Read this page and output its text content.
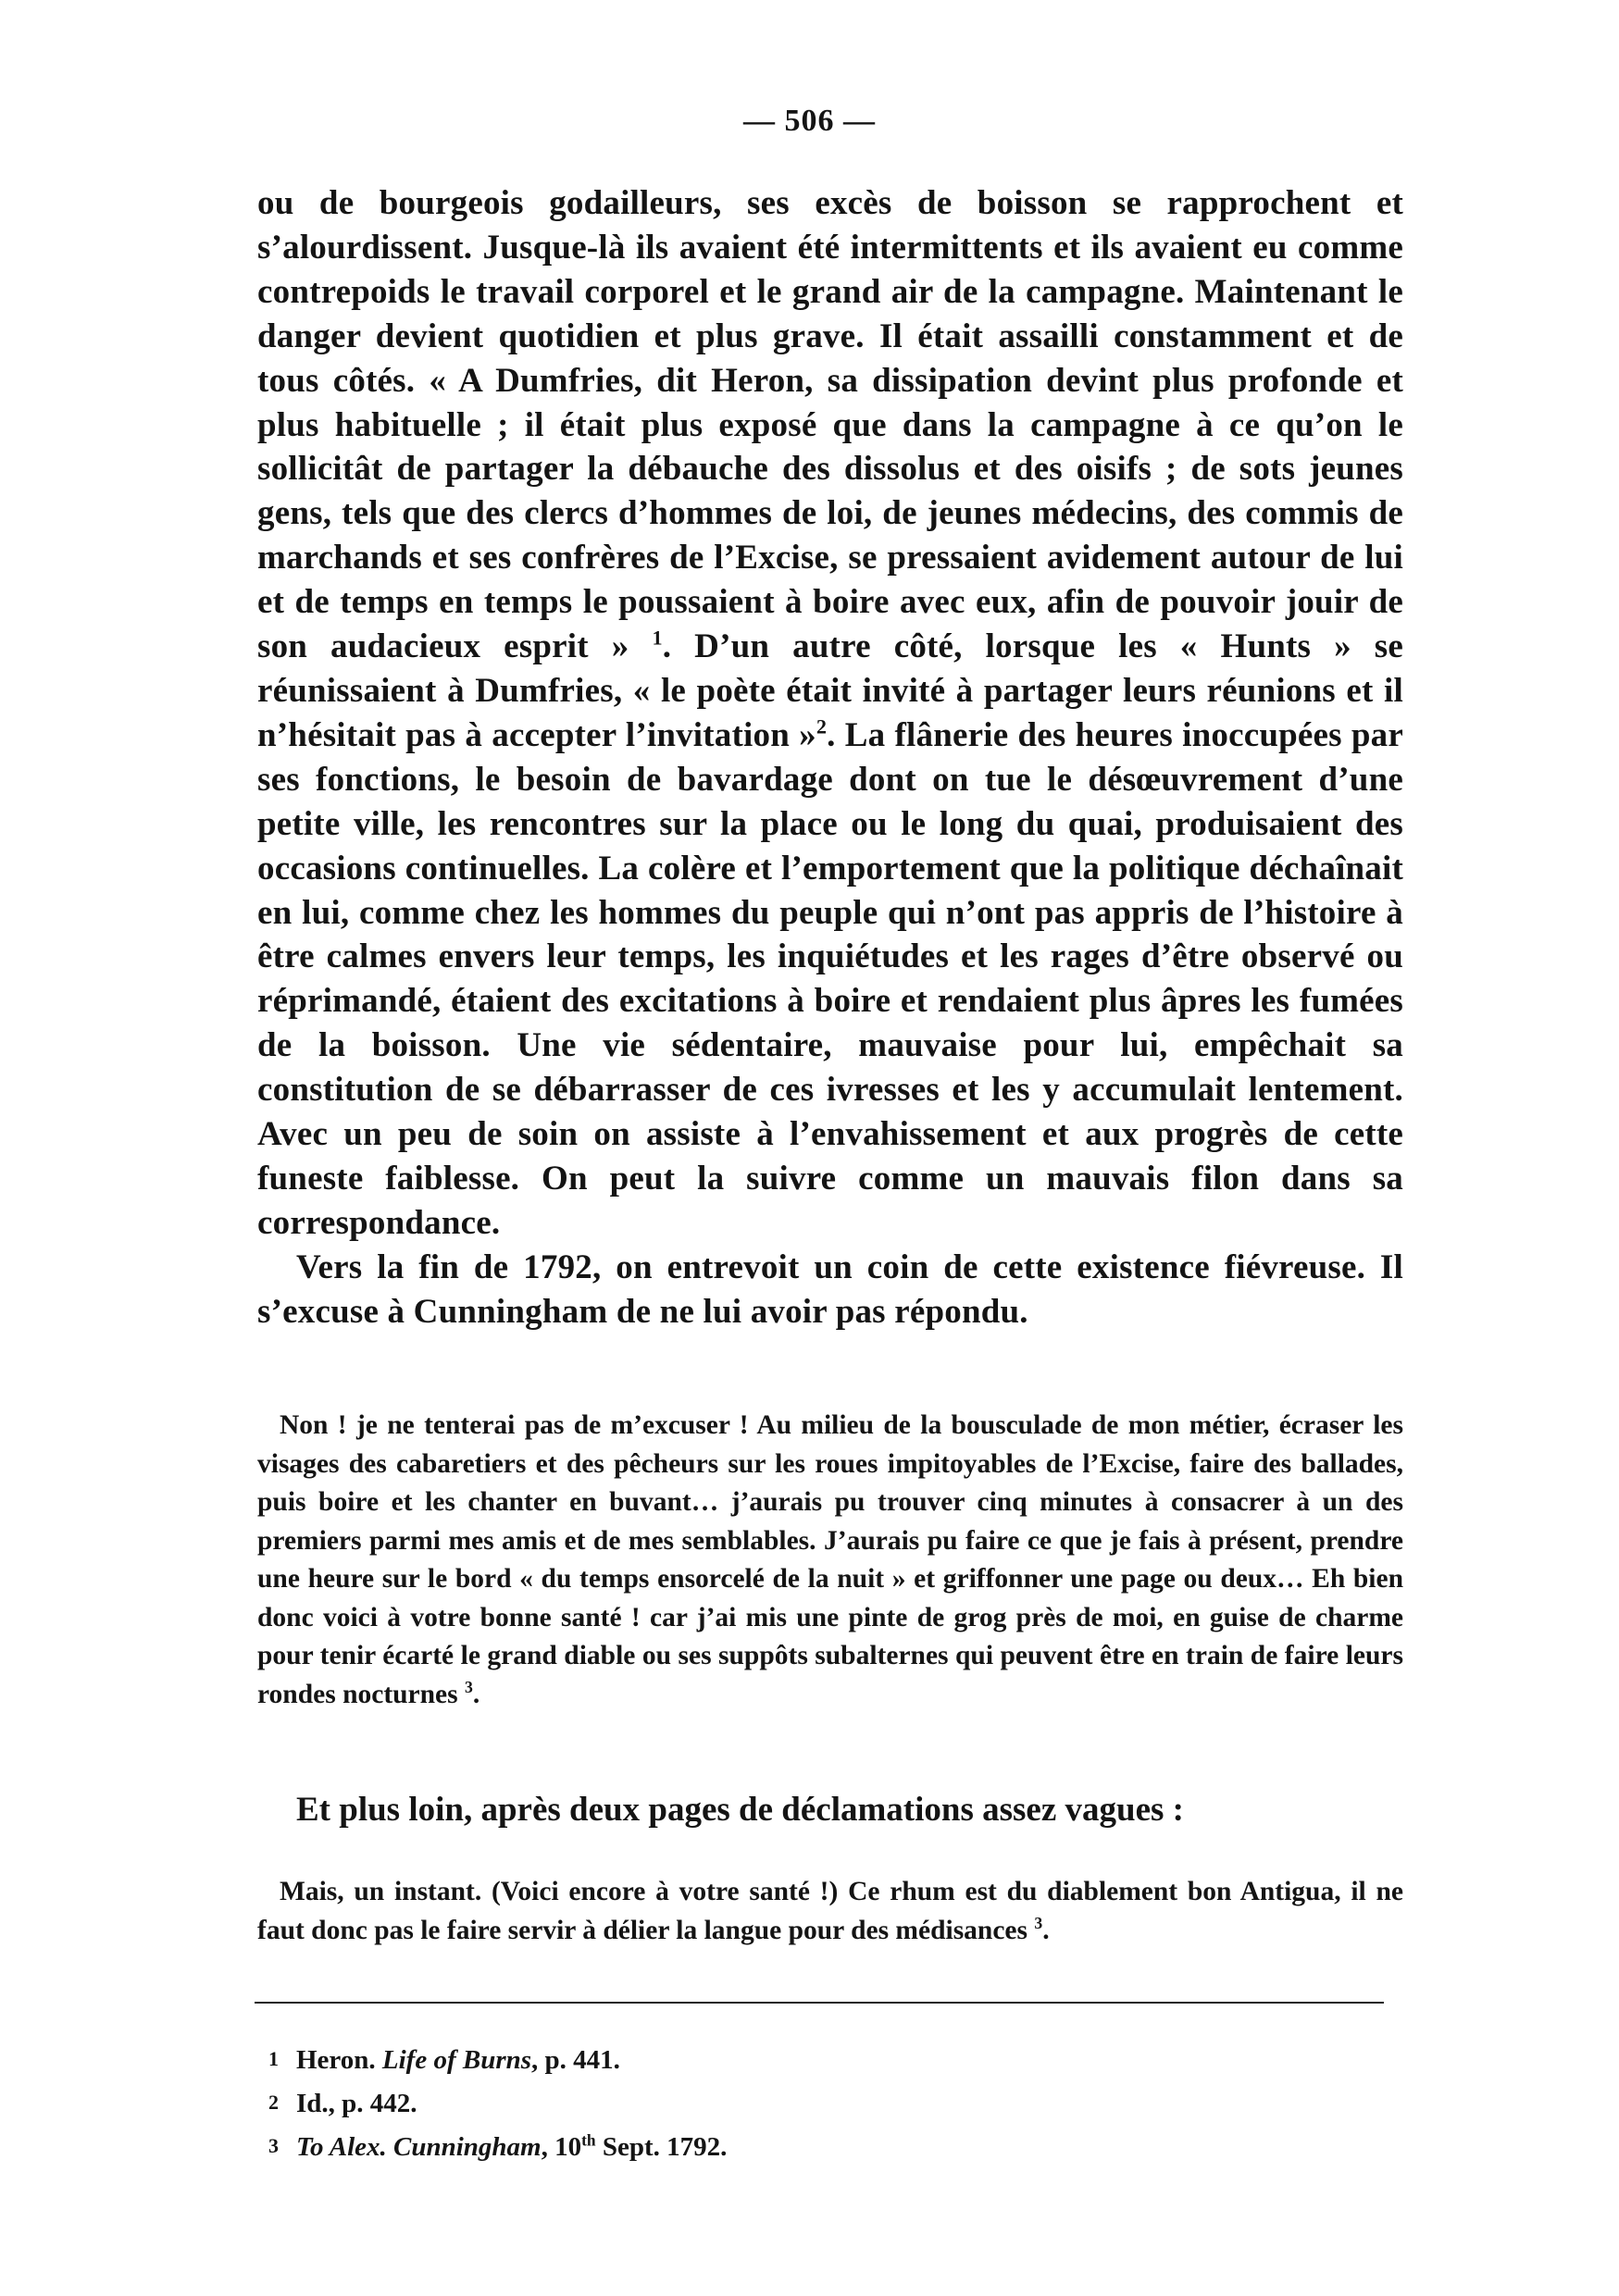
— 506 —

ou de bourgeois godailleurs, ses excès de boisson se rapprochent et s’alourdissent. Jusque-là ils avaient été intermittents et ils avaient eu comme contrepoids le travail corporel et le grand air de la campagne. Maintenant le danger devient quotidien et plus grave. Il était assailli constamment et de tous côtés. « A Dumfries, dit Heron, sa dissipation devint plus profonde et plus habituelle ; il était plus exposé que dans la campagne à ce qu’on le sollicitât de partager la débauche des dissolus et des oisifs ; de sots jeunes gens, tels que des clercs d’hommes de loi, de jeunes médecins, des commis de marchands et ses confrères de l’Excise, se pressaient avidement autour de lui et de temps en temps le poussaient à boire avec eux, afin de pouvoir jouir de son audacieux esprit » $^1$. D’un autre côté, lorsque les « Hunts » se réunissaient à Dumfries, « le poète était invité à partager leurs réunions et il n’hésitait pas à accepter l’invitation »$^2$. La flânerie des heures inoccupées par ses fonctions, le besoin de bavardage dont on tue le désœuvrement d’une petite ville, les rencontres sur la place ou le long du quai, produisaient des occasions continuelles. La colère et l’emportement que la politique déchaînait en lui, comme chez les hommes du peuple qui n’ont pas appris de l’histoire à être calmes envers leur temps, les inquiétudes et les rages d’être observé ou réprimandé, étaient des excitations à boire et rendaient plus âpres les fumées de la boisson. Une vie sédentaire, mauvaise pour lui, empêchait sa constitution de se débarrasser de ces ivresses et les y accumulait lentement. Avec un peu de soin on assiste à l’envahissement et aux progrès de cette funeste faiblesse. On peut la suivre comme un mauvais filon dans sa correspondance.

Vers la fin de 1792, on entrevoit un coin de cette existence fiévreuse. Il s’excuse à Cunningham de ne lui avoir pas répondu.

Non ! je ne tenterai pas de m’excuser ! Au milieu de la bousculade de mon métier, écraser les visages des cabaretiers et des pêcheurs sur les roues impitoyables de l’Excise, faire des ballades, puis boire et les chanter en buvant… j’aurais pu trouver cinq minutes à consacrer à un des premiers parmi mes amis et de mes semblables. J’aurais pu faire ce que je fais à présent, prendre une heure sur le bord « du temps ensorcelé de la nuit » et griffonner une page ou deux… Eh bien donc voici à votre bonne santé ! car j’ai mis une pinte de grog près de moi, en guise de charme pour tenir écarté le grand diable ou ses suppôts subalternes qui peuvent être en train de faire leurs rondes nocturnes $^3$.

Et plus loin, après deux pages de déclamations assez vagues :

Mais, un instant. (Voici encore à votre santé !) Ce rhum est du diablement bon Antigua, il ne faut donc pas le faire servir à délier la langue pour des médisances $^3$.

1 Heron. Life of Burns, p. 441.

2 Id., p. 442.

3 To Alex. Cunningham, 10th Sept. 1792.
